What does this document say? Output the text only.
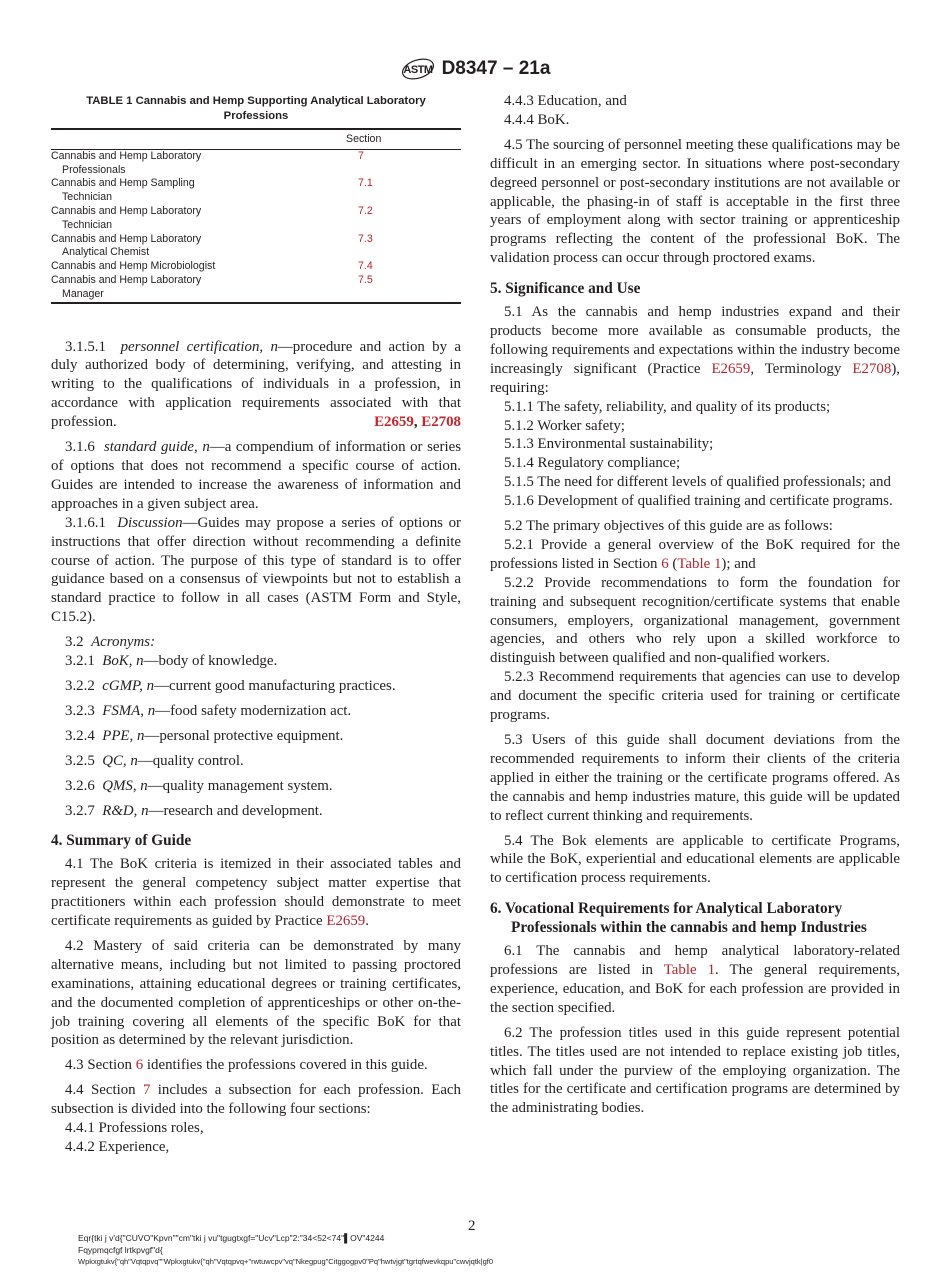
ASTM D8347 – 21a
TABLE 1 Cannabis and Hemp Supporting Analytical Laboratory
Professions
	Section
Cannabis and Hemp Laboratory
Professionals	7
Cannabis and Hemp Sampling
Technician	7.1
Cannabis and Hemp Laboratory
Technician	7.2
Cannabis and Hemp Laboratory
Analytical Chemist	7.3
Cannabis and Hemp Microbiologist	7.4
Cannabis and Hemp Laboratory
Manager	7.5

3.1.5.1 personnel certification, n—procedure and action by a duly authorized body of determining, verifying, and attesting in writing to the qualifications of individuals in a profession, in accordance with application requirements associated with that profession.	E2659, E2708

3.1.6 standard guide, n—a compendium of information or series of options that does not recommend a specific course of action. Guides are intended to increase the awareness of information and approaches in a given subject area.

3.1.6.1 Discussion—Guides may propose a series of options or instructions that offer direction without recommending a definite course of action. The purpose of this type of standard is to offer guidance based on a consensus of viewpoints but not to establish a standard practice to follow in all cases (ASTM Form and Style, C15.2).

3.2 Acronyms:

3.2.1 BoK, n—body of knowledge.

3.2.2 cGMP, n—current good manufacturing practices.

3.2.3 FSMA, n—food safety modernization act.

3.2.4 PPE, n—personal protective equipment.

3.2.5 QC, n—quality control.

3.2.6 QMS, n—quality management system.

3.2.7 R&D, n—research and development.

4. Summary of Guide

4.1 The BoK criteria is itemized in their associated tables and represent the general competency subject matter expertise that practitioners within each profession should demonstrate to meet certificate requirements as guided by Practice E2659.

4.2 Mastery of said criteria can be demonstrated by many alternative means, including but not limited to passing proctored examinations, attaining educational degrees or training certificates, and the documented completion of apprenticeships or other on-the-job training covering all elements of the specific BoK for that position as determined by the relevant jurisdiction.

4.3 Section 6 identifies the professions covered in this guide.

4.4 Section 7 includes a subsection for each profession. Each subsection is divided into the following four sections:

4.4.1 Professions roles,

4.4.2 Experience,

4.4.3 Education, and

4.4.4 BoK.

4.5 The sourcing of personnel meeting these qualifications may be difficult in an emerging sector. In situations where post-secondary degreed personnel or post-secondary institutions are not available or applicable, the phasing-in of staff is acceptable in the first three years of employment along with sector training or apprenticeship programs reflecting the content of the professional BoK. The validation process can occur through proctored exams.

5. Significance and Use

5.1 As the cannabis and hemp industries expand and their products become more available as consumable products, the following requirements and expectations within the industry become increasingly significant (Practice E2659, Terminology E2708), requiring:

5.1.1 The safety, reliability, and quality of its products;

5.1.2 Worker safety;

5.1.3 Environmental sustainability;

5.1.4 Regulatory compliance;

5.1.5 The need for different levels of qualified professionals; and

5.1.6 Development of qualified training and certificate programs.

5.2 The primary objectives of this guide are as follows:

5.2.1 Provide a general overview of the BoK required for the professions listed in Section 6 (Table 1); and

5.2.2 Provide recommendations to form the foundation for training and subsequent recognition/certificate systems that enable consumers, employers, organizational management, government agencies, and others who rely upon a skilled workforce to distinguish between qualified and non-qualified workers.

5.2.3 Recommend requirements that agencies can use to develop and document the specific criteria used for training or certificate programs.

5.3 Users of this guide shall document deviations from the recommended requirements to inform their clients of the criteria applied in either the training or the certificate programs offered. As the cannabis and hemp industries mature, this guide will be updated to reflect current thinking and requirements.

5.4 The Bok elements are applicable to certificate Programs, while the BoK, experiential and educational elements are applicable to certification process requirements.

6. Vocational Requirements for Analytical Laboratory
Professionals within the cannabis and hemp Industries

6.1 The cannabis and hemp analytical laboratory-related professions are listed in Table 1. The general requirements, experience, education, and BoK for each profession are provided in the section specified.

6.2 The profession titles used in this guide represent potential titles. The titles used are not intended to replace existing job titles, which fall under the purview of the employing organization. The titles for the certificate and certification programs are determined by the administrating bodies.

2
Eqr{tki j v'd{"CUVO"Kpvn""cm"tki j vu"tgugtxgf="Ucv"Lcp"2:"34<52<74"▌OV"4244
Fqypmqcfgf lrtkpvgf"d{
Wpkxgtukv{"qh"Vqtqpvq""Wpkxgtukv{"qh"Vqtqpvq+"rwtuwcpv"vq"Nkegpug"Citggogpv0"Pq"hwtvjgt"tgrtqfwevkqpu"cwvjqtk|gf0
